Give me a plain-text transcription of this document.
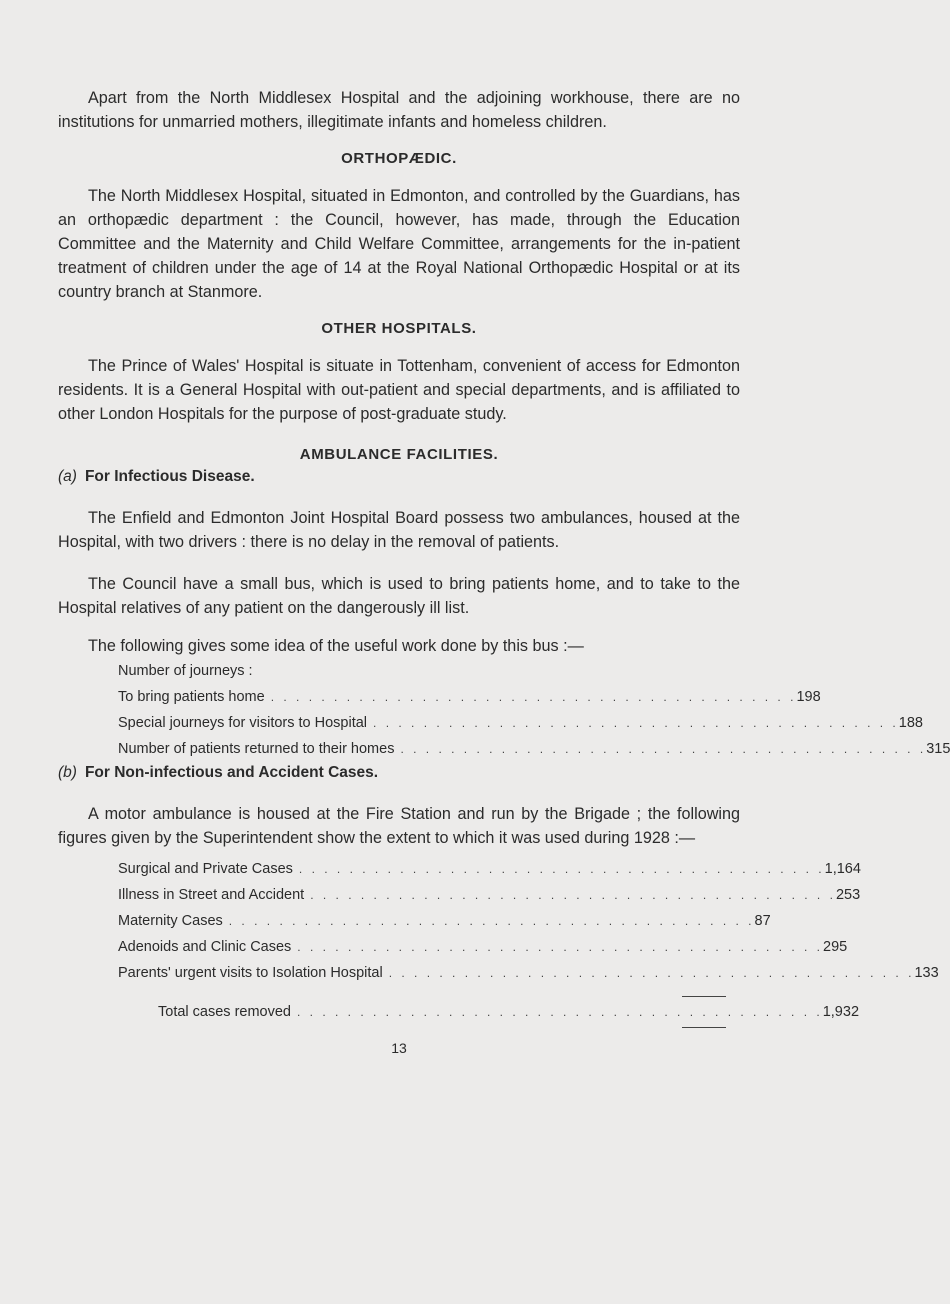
Apart from the North Middlesex Hospital and the adjoining workhouse, there are no institutions for unmarried mothers, illegitimate infants and homeless children.

ORTHOPÆDIC.

The North Middlesex Hospital, situated in Edmonton, and controlled by the Guardians, has an orthopædic department : the Council, however, has made, through the Education Committee and the Maternity and Child Welfare Committee, arrangements for the in-patient treatment of children under the age of 14 at the Royal National Orthopædic Hospital or at its country branch at Stanmore.

OTHER HOSPITALS.

The Prince of Wales' Hospital is situate in Tottenham, convenient of access for Edmonton residents. It is a General Hospital with out-patient and special departments, and is affiliated to other London Hospitals for the purpose of post-graduate study.

AMBULANCE FACILITIES.
(a) For Infectious Disease.

The Enfield and Edmonton Joint Hospital Board possess two ambulances, housed at the Hospital, with two drivers : there is no delay in the removal of patients.

The Council have a small bus, which is used to bring patients home, and to take to the Hospital relatives of any patient on the dangerously ill list.

The following gives some idea of the useful work done by this bus :—

Number of journeys :
To bring patients home . . . . . . . . . . . . . . . . . . . . . . . . . . . . . . . . . . . . . . . . . . 198
Special journeys for visitors to Hospital . . . . . . . . . . . . . . . . . . . . . . . . . . . . . . . . . . . . . . . . . . 188
Number of patients returned to their homes . . . . . . . . . . . . . . . . . . . . . . . . . . . . . . . . . . . . . . . . . . 315
(b) For Non-infectious and Accident Cases.

A motor ambulance is housed at the Fire Station and run by the Brigade ; the following figures given by the Superintendent show the extent to which it was used during 1928 :—

Surgical and Private Cases . . . . . . . . . . . . . . . . . . . . . . . . . . . . . . . . . . . . . . . . . . 1,164
Illness in Street and Accident . . . . . . . . . . . . . . . . . . . . . . . . . . . . . . . . . . . . . . . . . . 253
Maternity Cases . . . . . . . . . . . . . . . . . . . . . . . . . . . . . . . . . . . . . . . . . . 87
Adenoids and Clinic Cases . . . . . . . . . . . . . . . . . . . . . . . . . . . . . . . . . . . . . . . . . . 295
Parents' urgent visits to Isolation Hospital . . . . . . . . . . . . . . . . . . . . . . . . . . . . . . . . . . . . . . . . . . 133
Total cases removed . . . . . . . . . . . . . . . . . . . . . . . . . . . . . . . . . . . . . . . . . . 1,932
13
